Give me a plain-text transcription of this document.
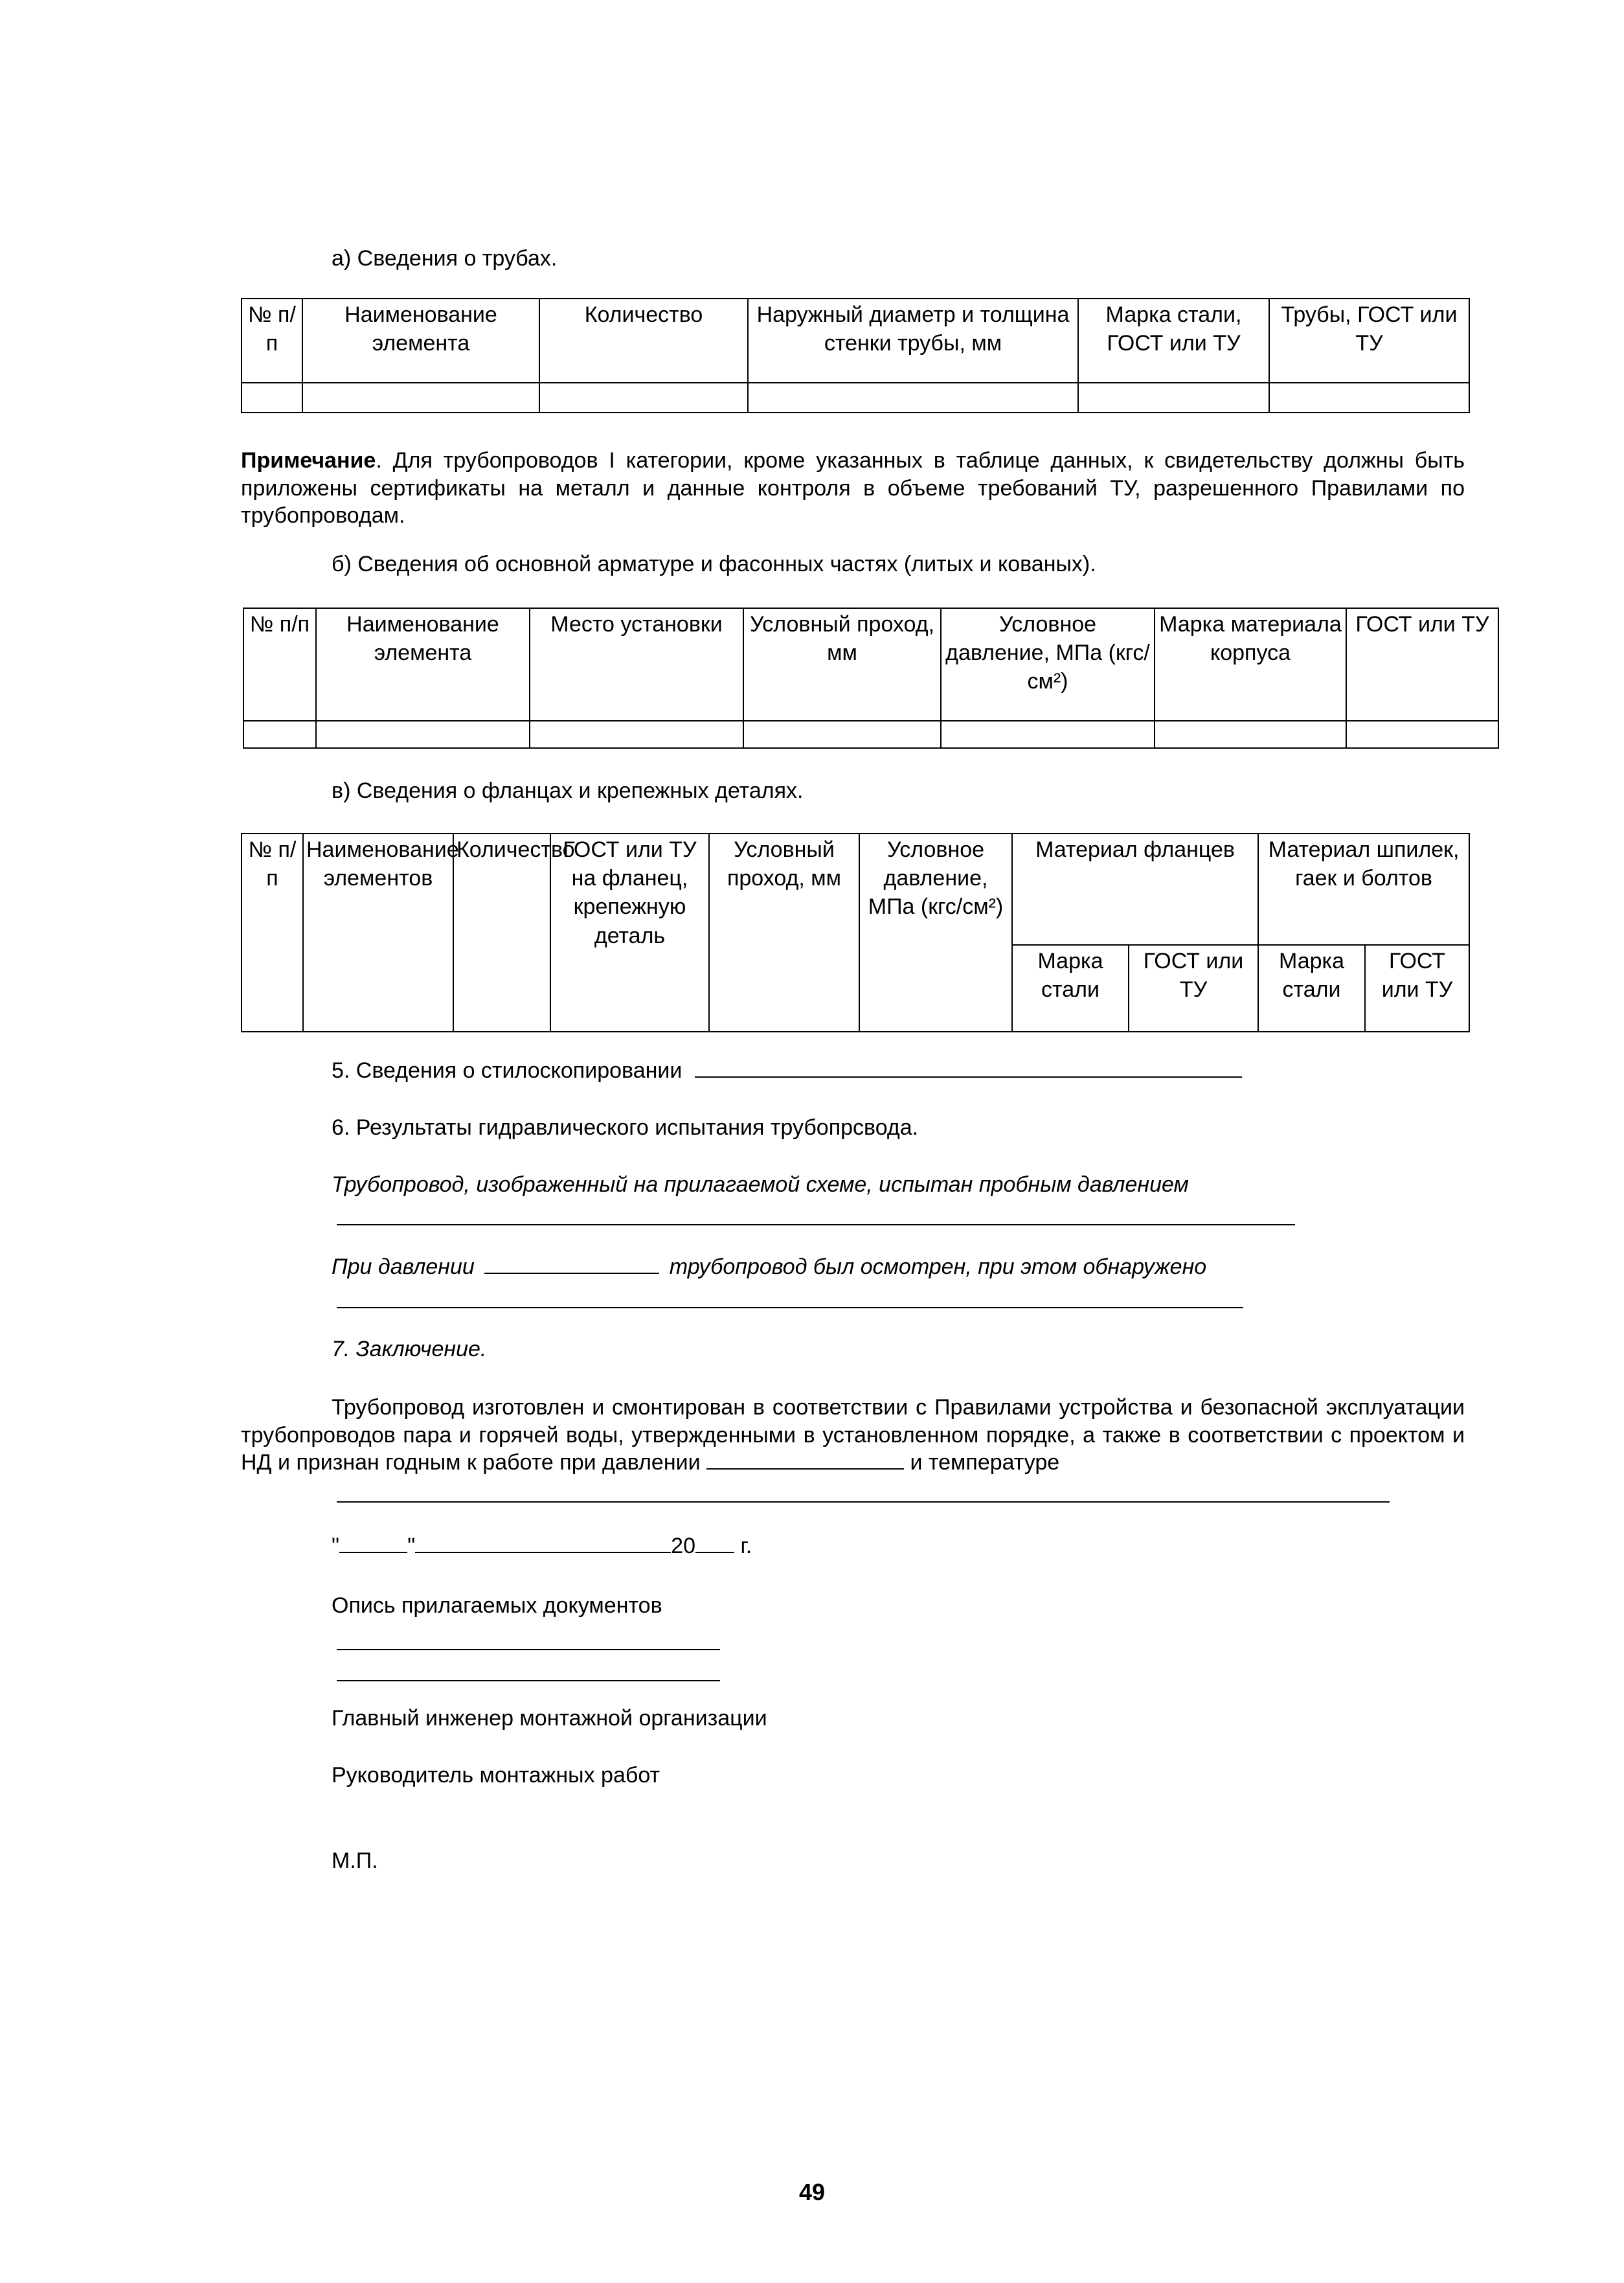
а) Сведения о трубах.
№ п/п	Наименование элемента	Количество	Наружный диаметр и толщина стенки трубы, мм	Марка стали, ГОСТ или ТУ	Трубы, ГОСТ или ТУ

Примечание. Для трубопроводов I категории, кроме указанных в таблице данных, к свидетельству должны быть приложены сертификаты на металл и данные контроля в объеме требований ТУ, разрешенного Правилами по трубопроводам.
б) Сведения об основной арматуре и фасонных частях (литых и кованых).
№ п/п	Наименование элемента	Место установки	Условный проход, мм	Условное давление, МПа (кгс/см²)	Марка материала корпуса	ГОСТ или ТУ

в) Сведения о фланцах и крепежных деталях.
№ п/п	Наименование элементов	Количество	ГОСТ или ТУ на фланец, крепежную деталь	Условный проход, мм	Условное давление, МПа (кгс/см²)	Материал фланцев		Материал шпилек, гаек и болтов	
						Марка стали	ГОСТ или ТУ	Марка стали	ГОСТ или ТУ
5. Сведения о стилоскопировании
6. Результаты гидравлического испытания трубопрcвода.
Трубопровод, изображенный на прилагаемой схеме, испытан пробным давлением
При давлении	трубопровод был осмотрен, при этом обнаружено
7. Заключение.
Трубопровод изготовлен и смонтирован в соответствии с Правилами устройства и безопасной эксплуатации трубопроводов пара и горячей воды, утвержденными в установленном порядке, а также в соответствии с проектом и НД и признан годным к работе при давлении	и температуре
"	"	20 г.
Опись прилагаемых документов
Главный инженер монтажной организации
Руководитель монтажных работ
М.П.
49
